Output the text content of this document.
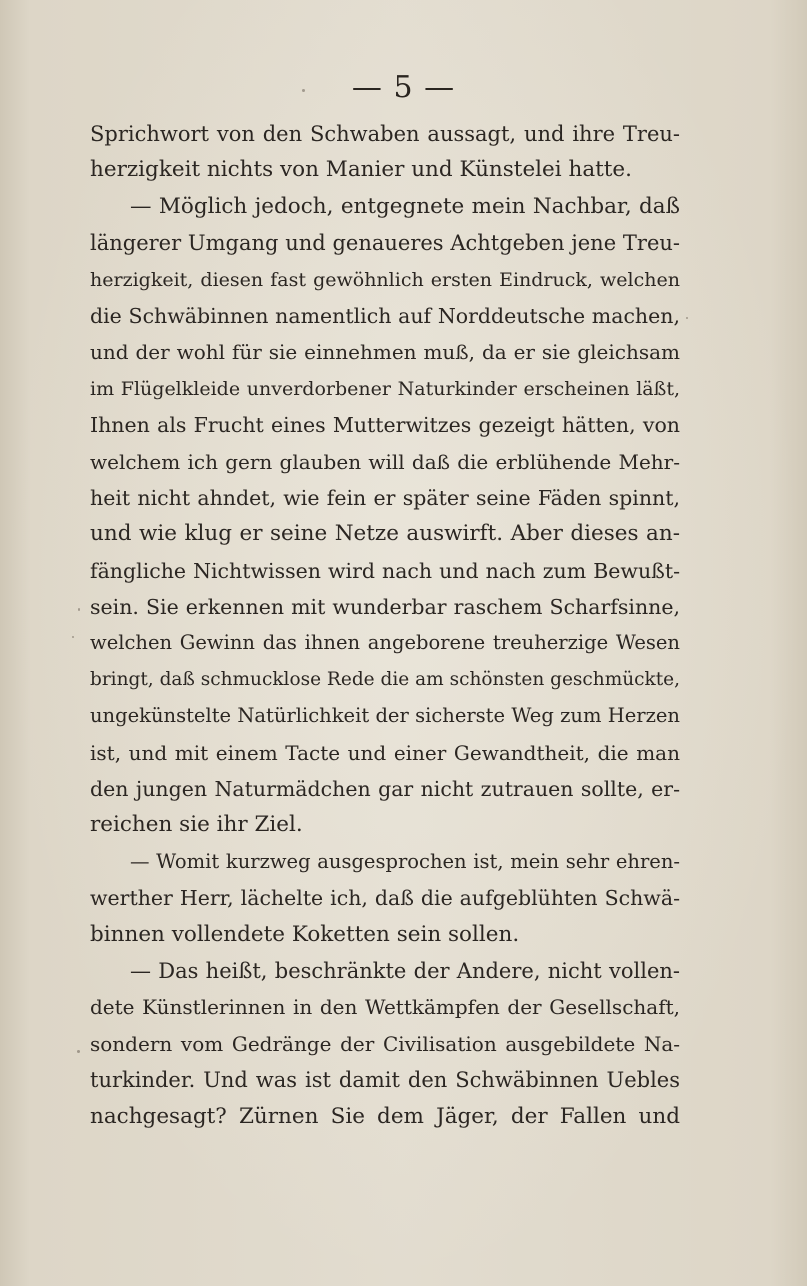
— 5 —
Sprichwort von den Schwaben aussagt, und ihre Treu-
herzigkeit nichts von Manier und Künstelei hatte.
— Möglich jedoch, entgegnete mein Nachbar, daß
längerer Umgang und genaueres Achtgeben jene Treu-
herzigkeit, diesen fast gewöhnlich ersten Eindruck, welchen
die Schwäbinnen namentlich auf Norddeutsche machen,
und der wohl für sie einnehmen muß, da er sie gleichsam
im Flügelkleide unverdorbener Naturkinder erscheinen läßt,
Ihnen als Frucht eines Mutterwitzes gezeigt hätten, von
welchem ich gern glauben will daß die erblühende Mehr-
heit nicht ahndet, wie fein er später seine Fäden spinnt,
und wie klug er seine Netze auswirft. Aber dieses an-
fängliche Nichtwissen wird nach und nach zum Bewußt-
sein. Sie erkennen mit wunderbar raschem Scharfsinne,
welchen Gewinn das ihnen angeborene treuherzige Wesen
bringt, daß schmucklose Rede die am schönsten geschmückte,
ungekünstelte Natürlichkeit der sicherste Weg zum Herzen
ist, und mit einem Tacte und einer Gewandtheit, die man
den jungen Naturmädchen gar nicht zutrauen sollte, er-
reichen sie ihr Ziel.
— Womit kurzweg ausgesprochen ist, mein sehr ehren-
werther Herr, lächelte ich, daß die aufgeblühten Schwä-
binnen vollendete Koketten sein sollen.
— Das heißt, beschränkte der Andere, nicht vollen-
dete Künstlerinnen in den Wettkämpfen der Gesellschaft,
sondern vom Gedränge der Civilisation ausgebildete Na-
turkinder. Und was ist damit den Schwäbinnen Uebles
nachgesagt? Zürnen Sie dem Jäger, der Fallen und
